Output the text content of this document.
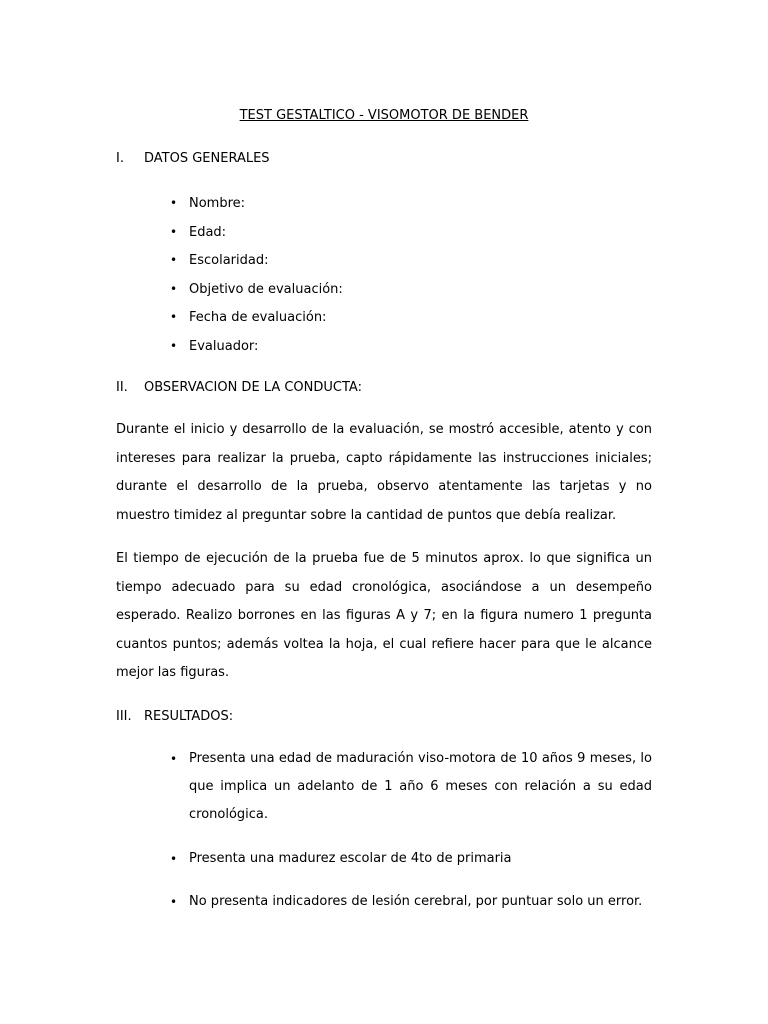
TEST GESTALTICO - VISOMOTOR DE BENDER
I. DATOS GENERALES
• Nombre:
• Edad:
• Escolaridad:
• Objetivo de evaluación:
• Fecha de evaluación:
• Evaluador:
II. OBSERVACION DE LA CONDUCTA:

Durante el inicio y desarrollo de la evaluación, se mostró accesible, atento y con intereses para realizar la prueba, capto rápidamente las instrucciones iniciales; durante el desarrollo de la prueba, observo atentamente las tarjetas y no muestro timidez al preguntar sobre la cantidad de puntos que debía realizar.

El tiempo de ejecución de la prueba fue de 5 minutos aprox. lo que significa un tiempo adecuado para su edad cronológica, asociándose a un desempeño esperado. Realizo borrones en las figuras A y 7; en la figura numero 1 pregunta cuantos puntos; además voltea la hoja, el cual refiere hacer para que le alcance mejor las figuras.

III. RESULTADOS:
• Presenta una edad de maduración viso-motora de 10 años 9 meses, lo que implica un adelanto de 1 año 6 meses con relación a su edad cronológica.
• Presenta una madurez escolar de 4to de primaria
• No presenta indicadores de lesión cerebral, por puntuar solo un error.
